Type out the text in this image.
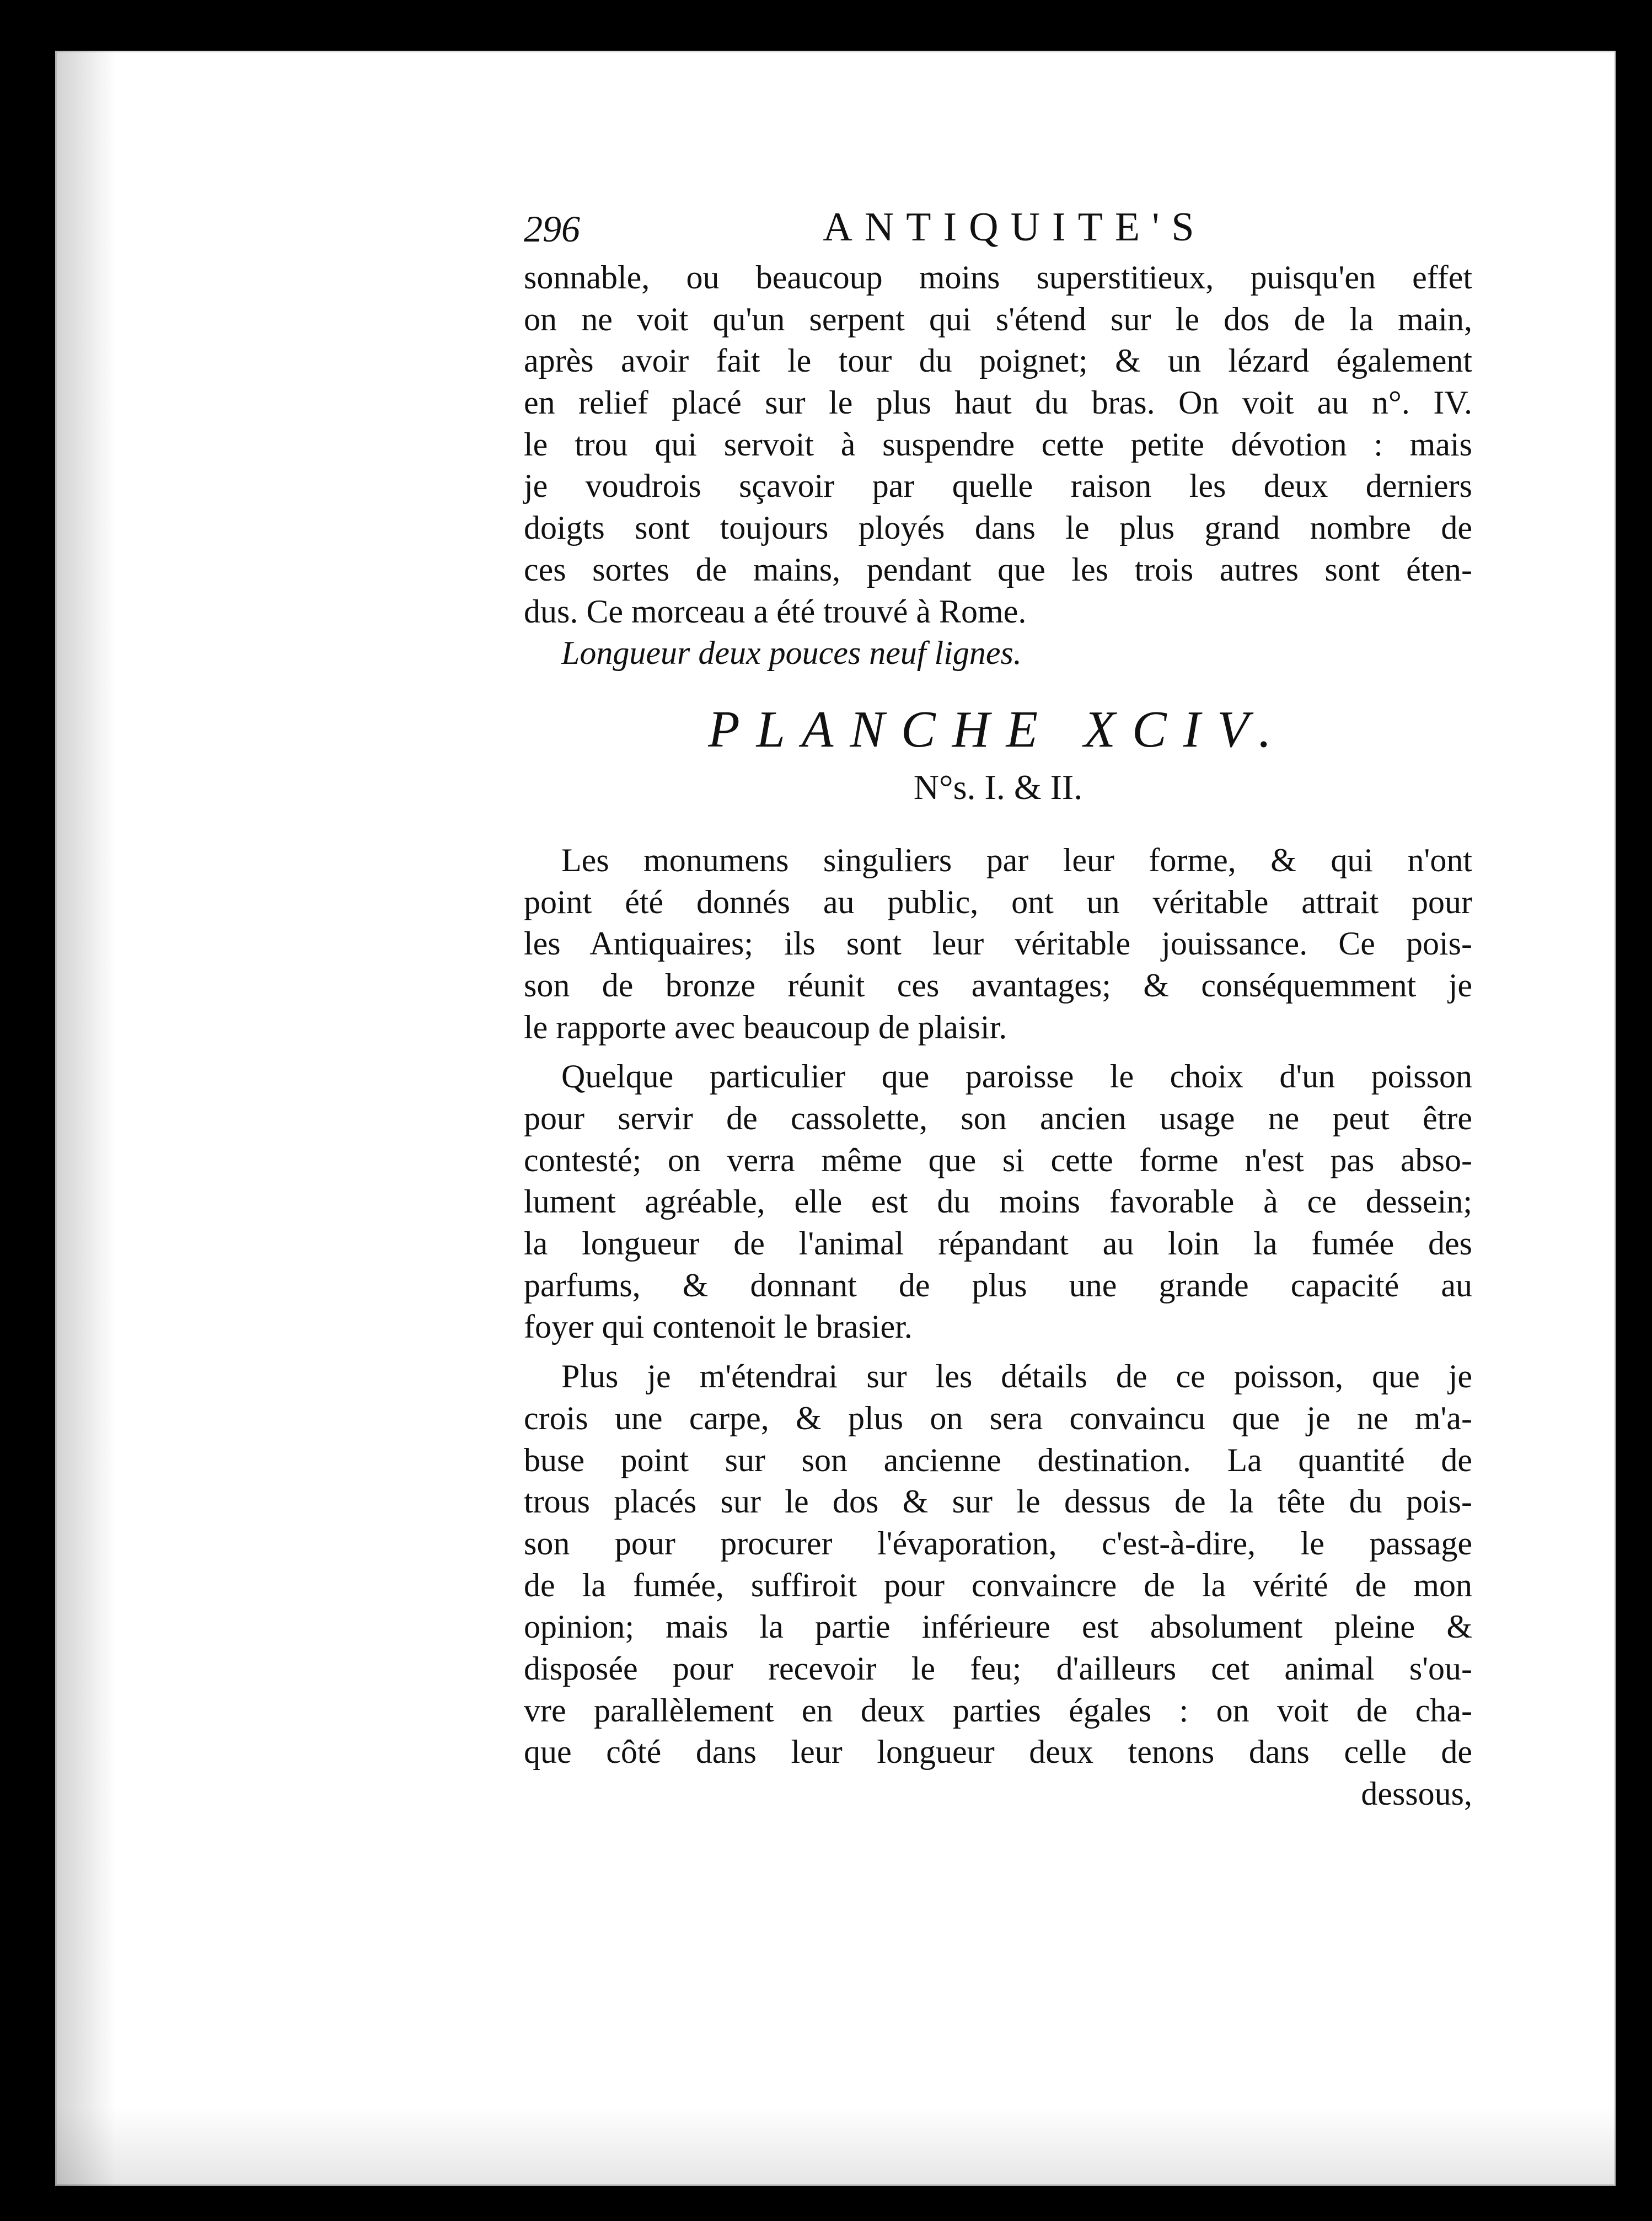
296	ANTIQUITE'S
sonnable, ou beaucoup moins superstitieux, puisqu'en effet
on ne voit qu'un serpent qui s'étend sur le dos de la main,
après avoir fait le tour du poignet; & un lézard également
en relief placé sur le plus haut du bras. On voit au n°. IV.
le trou qui servoit à suspendre cette petite dévotion : mais
je voudrois sçavoir par quelle raison les deux derniers
doigts sont toujours ployés dans le plus grand nombre de
ces sortes de mains, pendant que les trois autres sont éten-
dus. Ce morceau a été trouvé à Rome.
Longueur deux pouces neuf lignes.
PLANCHE XCIV.
N°s. I. & II.
Les monumens singuliers par leur forme, & qui n'ont
point été donnés au public, ont un véritable attrait pour
les Antiquaires; ils sont leur véritable jouissance. Ce pois-
son de bronze réunit ces avantages; & conséquemment je
le rapporte avec beaucoup de plaisir.
Quelque particulier que paroisse le choix d'un poisson
pour servir de cassolette, son ancien usage ne peut être
contesté; on verra même que si cette forme n'est pas abso-
lument agréable, elle est du moins favorable à ce dessein;
la longueur de l'animal répandant au loin la fumée des
parfums, & donnant de plus une grande capacité au
foyer qui contenoit le brasier.
Plus je m'étendrai sur les détails de ce poisson, que je
crois une carpe, & plus on sera convaincu que je ne m'a-
buse point sur son ancienne destination. La quantité de
trous placés sur le dos & sur le dessus de la tête du pois-
son pour procurer l'évaporation, c'est-à-dire, le passage
de la fumée, suffiroit pour convaincre de la vérité de mon
opinion; mais la partie inférieure est absolument pleine &
disposée pour recevoir le feu; d'ailleurs cet animal s'ou-
vre parallèlement en deux parties égales : on voit de cha-
que côté dans leur longueur deux tenons dans celle de
dessous,
